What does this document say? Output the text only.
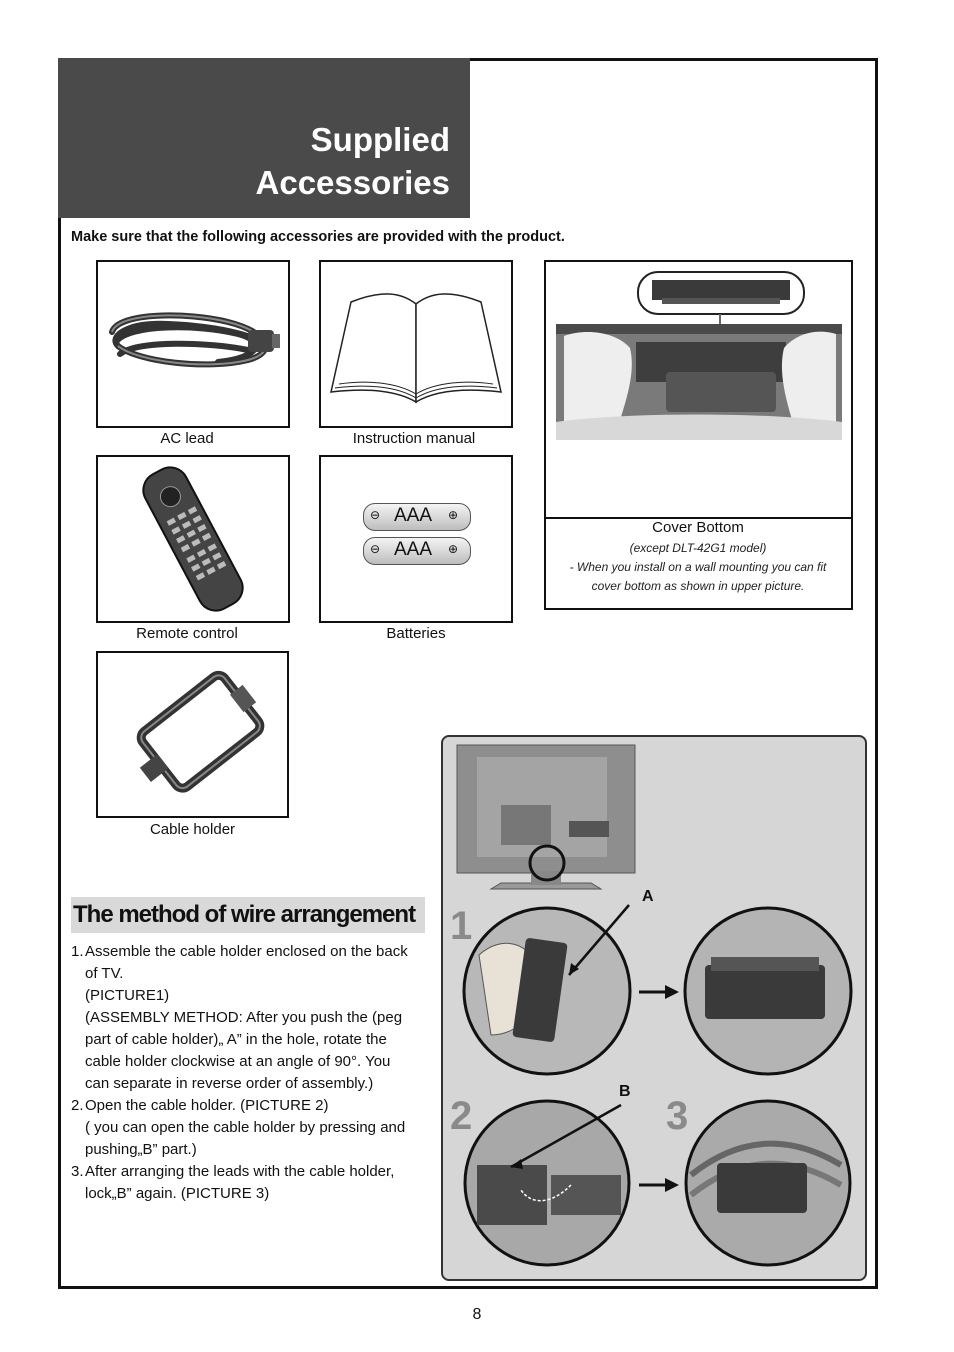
Supplied
Accessories
Make sure that the following accessories are provided with the product.
AC lead	Instruction manual
Cover Bottom
(except DLT-42G1 model)
- When you install on a wall mounting you can fit
cover bottom as shown in upper picture.
Remote control
⊖ AAA ⊕
⊖ AAA ⊕
Batteries
Cable holder
The method of wire arrangement
1. Assemble the cable holder enclosed on the back
of TV.
(PICTURE1)
(ASSEMBLY METHOD: After you push the (peg
part of cable holder)„ A” in the hole, rotate the
cable holder clockwise at an angle of 90°. You
can separate in reverse order of assembly.)
2. Open the cable holder. (PICTURE 2)
( you can open the cable holder by pressing and
pushing„B” part.)
3. After arranging the leads with the cable holder,
lock„B” again. (PICTURE 3)
1
2	3
A
B
8
